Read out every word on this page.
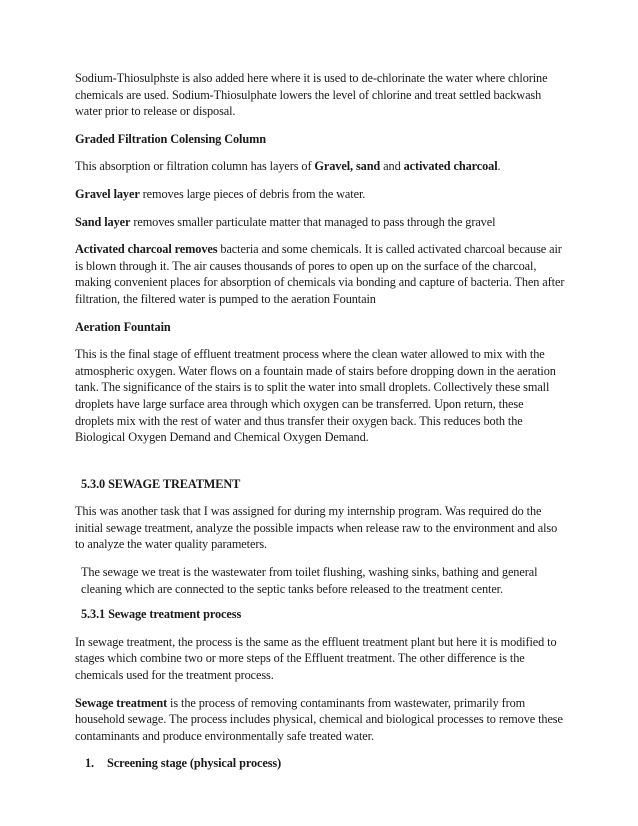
Sodium-Thiosulphste is also added here where it is used to de-chlorinate the water where chlorine chemicals are used. Sodium-Thiosulphate lowers the level of chlorine and treat settled backwash water prior to release or disposal.

Graded Filtration Colensing Column

This absorption or filtration column has layers of Gravel, sand and activated charcoal.

Gravel layer removes large pieces of debris from the water.

Sand layer removes smaller particulate matter that managed to pass through the gravel

Activated charcoal removes bacteria and some chemicals. It is called activated charcoal because air is blown through it. The air causes thousands of pores to open up on the surface of the charcoal, making convenient places for absorption of chemicals via bonding and capture of bacteria. Then after filtration, the filtered water is pumped to the aeration Fountain

Aeration Fountain

This is the final stage of effluent treatment process where the clean water allowed to mix with the atmospheric oxygen. Water flows on a fountain made of stairs before dropping down in the aeration tank. The significance of the stairs is to split the water into small droplets. Collectively these small droplets have large surface area through which oxygen can be transferred. Upon return, these droplets mix with the rest of water and thus transfer their oxygen back. This reduces both the Biological Oxygen Demand and Chemical Oxygen Demand.

5.3.0 SEWAGE TREATMENT

This was another task that I was assigned for during my internship program. Was required do the initial sewage treatment, analyze the possible impacts when release raw to the environment and also to analyze the water quality parameters.

The sewage we treat is the wastewater from toilet flushing, washing sinks, bathing and general cleaning which are connected to the septic tanks before released to the treatment center.

5.3.1 Sewage treatment process

In sewage treatment, the process is the same as the effluent treatment plant but here it is modified to stages which combine two or more steps of the Effluent treatment. The other difference is the chemicals used for the treatment process.

Sewage treatment is the process of removing contaminants from wastewater, primarily from household sewage. The process includes physical, chemical and biological processes to remove these contaminants and produce environmentally safe treated water.

1. Screening stage (physical process)
